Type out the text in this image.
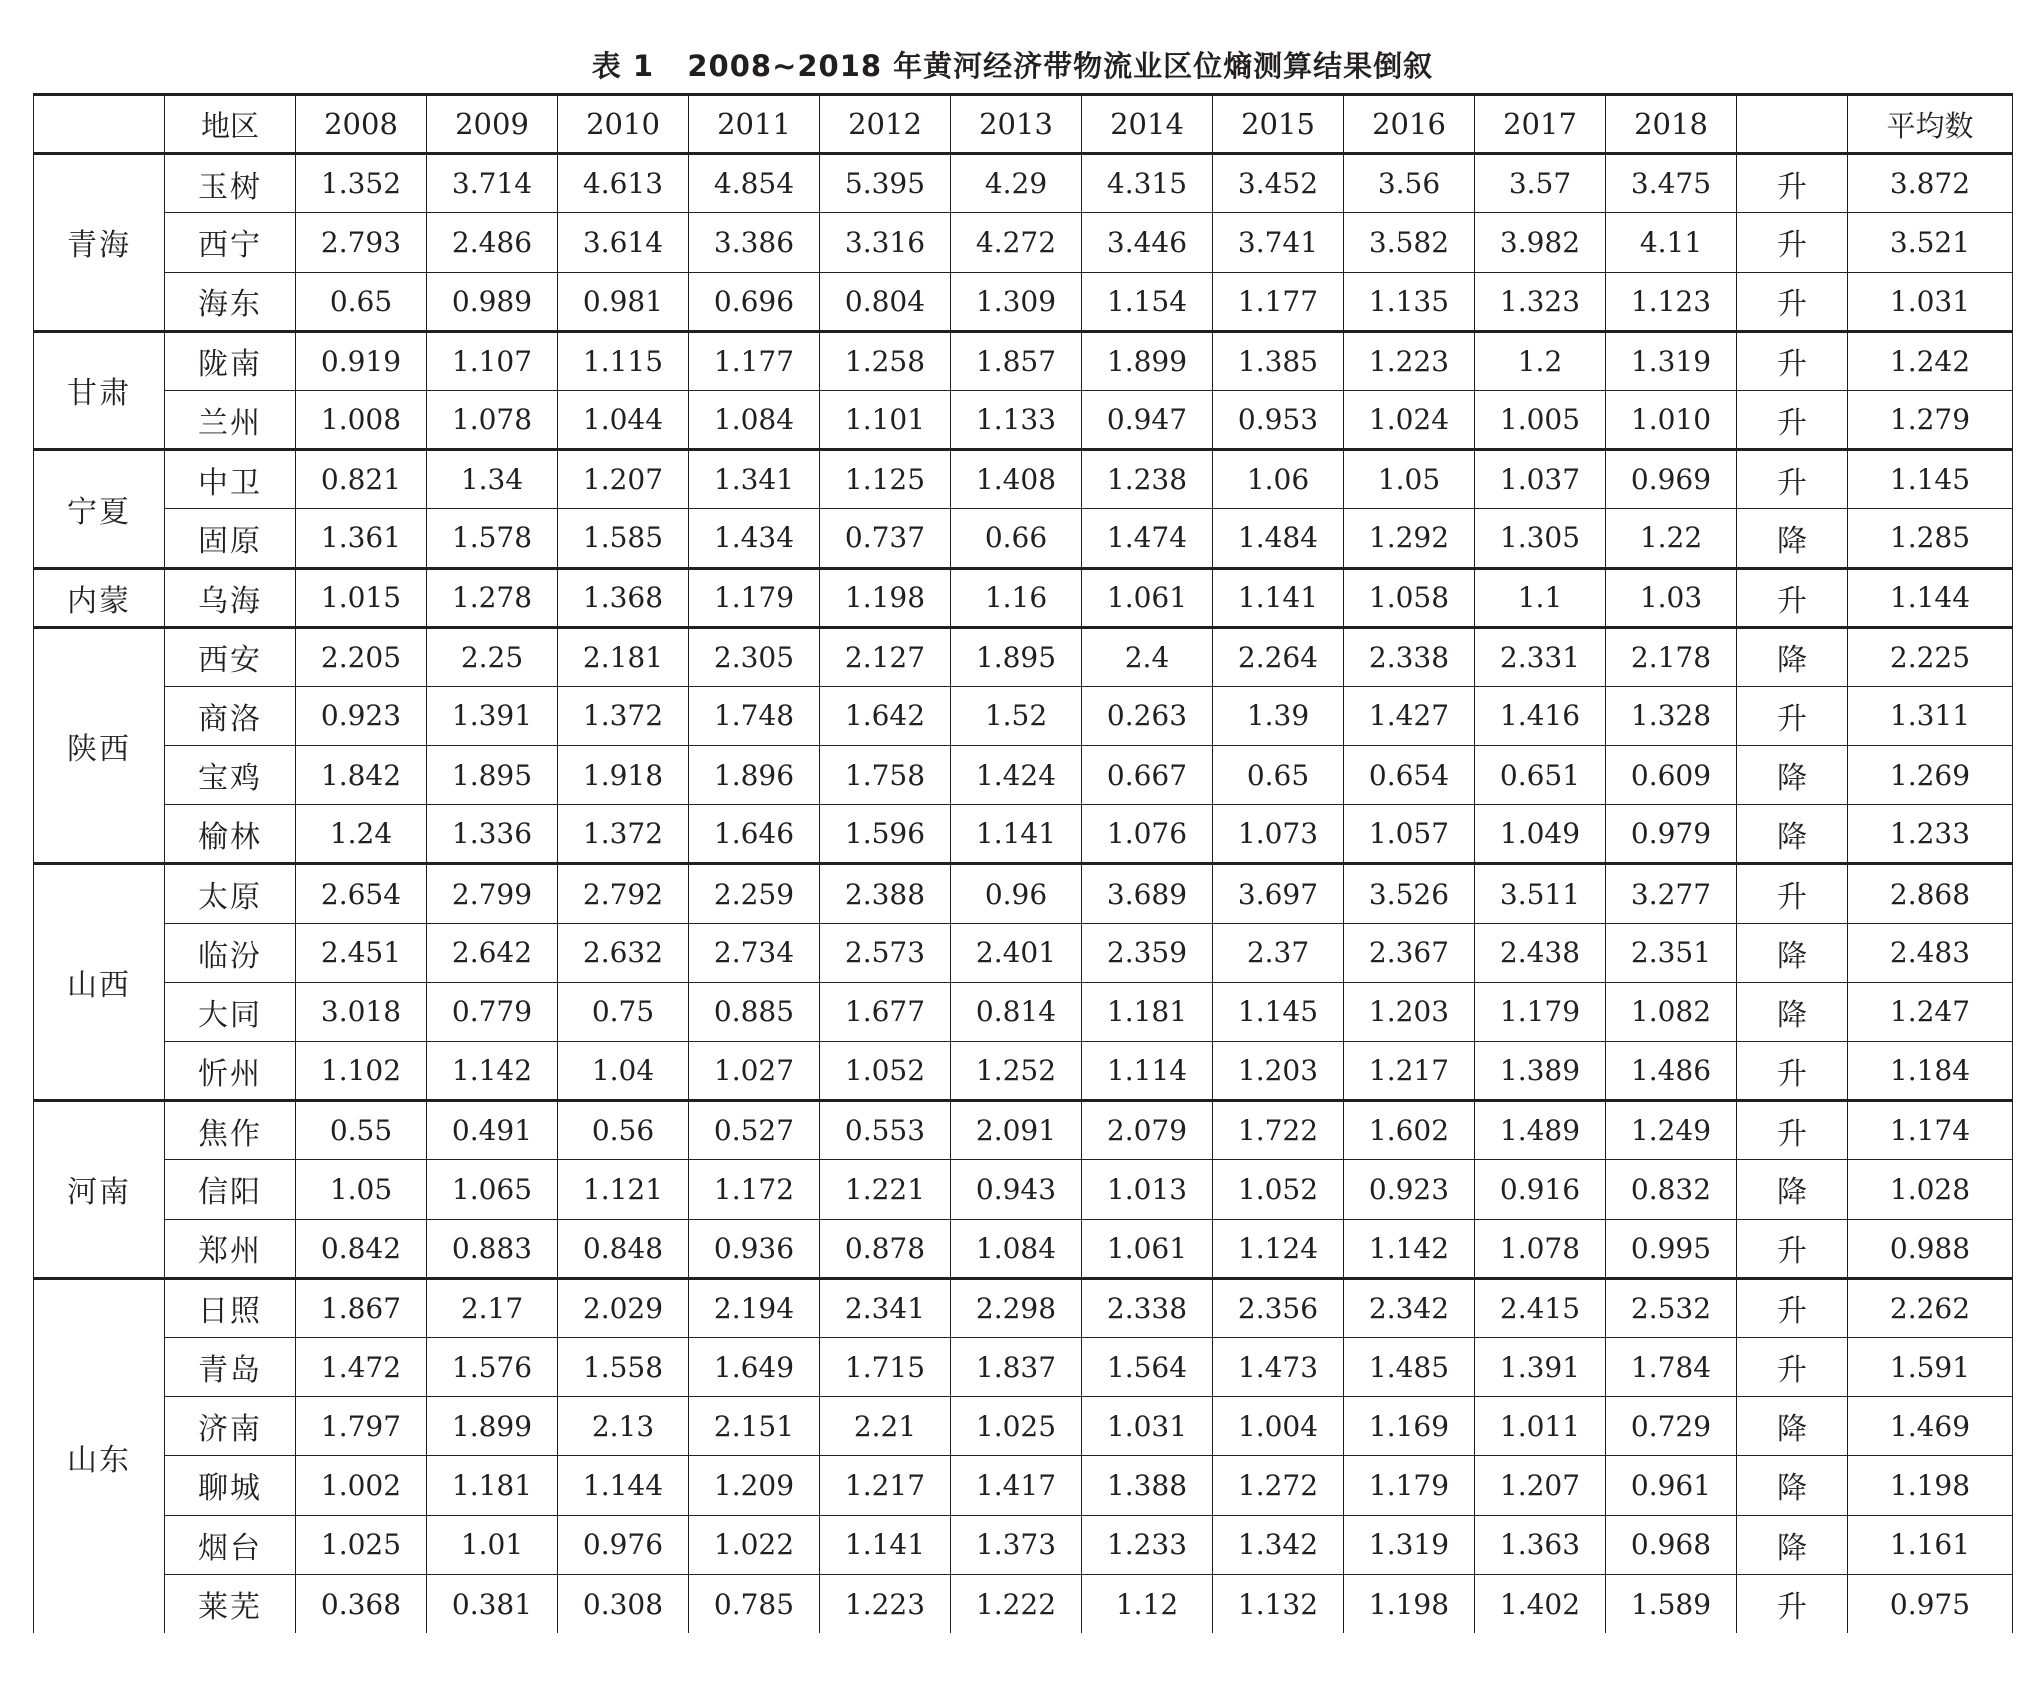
表 1   2008~2018 年黄河经济带物流业区位熵测算结果倒叙
	地区	2008	2009	2010	2011	2012	2013	2014	2015	2016	2017	2018		平均数
青海	玉树	1.352	3.714	4.613	4.854	5.395	4.29	4.315	3.452	3.56	3.57	3.475	升	3.872
	西宁	2.793	2.486	3.614	3.386	3.316	4.272	3.446	3.741	3.582	3.982	4.11	升	3.521
	海东	0.65	0.989	0.981	0.696	0.804	1.309	1.154	1.177	1.135	1.323	1.123	升	1.031
甘肃	陇南	0.919	1.107	1.115	1.177	1.258	1.857	1.899	1.385	1.223	1.2	1.319	升	1.242
	兰州	1.008	1.078	1.044	1.084	1.101	1.133	0.947	0.953	1.024	1.005	1.010	升	1.279
宁夏	中卫	0.821	1.34	1.207	1.341	1.125	1.408	1.238	1.06	1.05	1.037	0.969	升	1.145
	固原	1.361	1.578	1.585	1.434	0.737	0.66	1.474	1.484	1.292	1.305	1.22	降	1.285
内蒙	乌海	1.015	1.278	1.368	1.179	1.198	1.16	1.061	1.141	1.058	1.1	1.03	升	1.144
陕西	西安	2.205	2.25	2.181	2.305	2.127	1.895	2.4	2.264	2.338	2.331	2.178	降	2.225
	商洛	0.923	1.391	1.372	1.748	1.642	1.52	0.263	1.39	1.427	1.416	1.328	升	1.311
	宝鸡	1.842	1.895	1.918	1.896	1.758	1.424	0.667	0.65	0.654	0.651	0.609	降	1.269
	榆林	1.24	1.336	1.372	1.646	1.596	1.141	1.076	1.073	1.057	1.049	0.979	降	1.233
山西	太原	2.654	2.799	2.792	2.259	2.388	0.96	3.689	3.697	3.526	3.511	3.277	升	2.868
	临汾	2.451	2.642	2.632	2.734	2.573	2.401	2.359	2.37	2.367	2.438	2.351	降	2.483
	大同	3.018	0.779	0.75	0.885	1.677	0.814	1.181	1.145	1.203	1.179	1.082	降	1.247
	忻州	1.102	1.142	1.04	1.027	1.052	1.252	1.114	1.203	1.217	1.389	1.486	升	1.184
河南	焦作	0.55	0.491	0.56	0.527	0.553	2.091	2.079	1.722	1.602	1.489	1.249	升	1.174
	信阳	1.05	1.065	1.121	1.172	1.221	0.943	1.013	1.052	0.923	0.916	0.832	降	1.028
	郑州	0.842	0.883	0.848	0.936	0.878	1.084	1.061	1.124	1.142	1.078	0.995	升	0.988
山东	日照	1.867	2.17	2.029	2.194	2.341	2.298	2.338	2.356	2.342	2.415	2.532	升	2.262
	青岛	1.472	1.576	1.558	1.649	1.715	1.837	1.564	1.473	1.485	1.391	1.784	升	1.591
	济南	1.797	1.899	2.13	2.151	2.21	1.025	1.031	1.004	1.169	1.011	0.729	降	1.469
	聊城	1.002	1.181	1.144	1.209	1.217	1.417	1.388	1.272	1.179	1.207	0.961	降	1.198
	烟台	1.025	1.01	0.976	1.022	1.141	1.373	1.233	1.342	1.319	1.363	0.968	降	1.161
	莱芜	0.368	0.381	0.308	0.785	1.223	1.222	1.12	1.132	1.198	1.402	1.589	升	0.975
